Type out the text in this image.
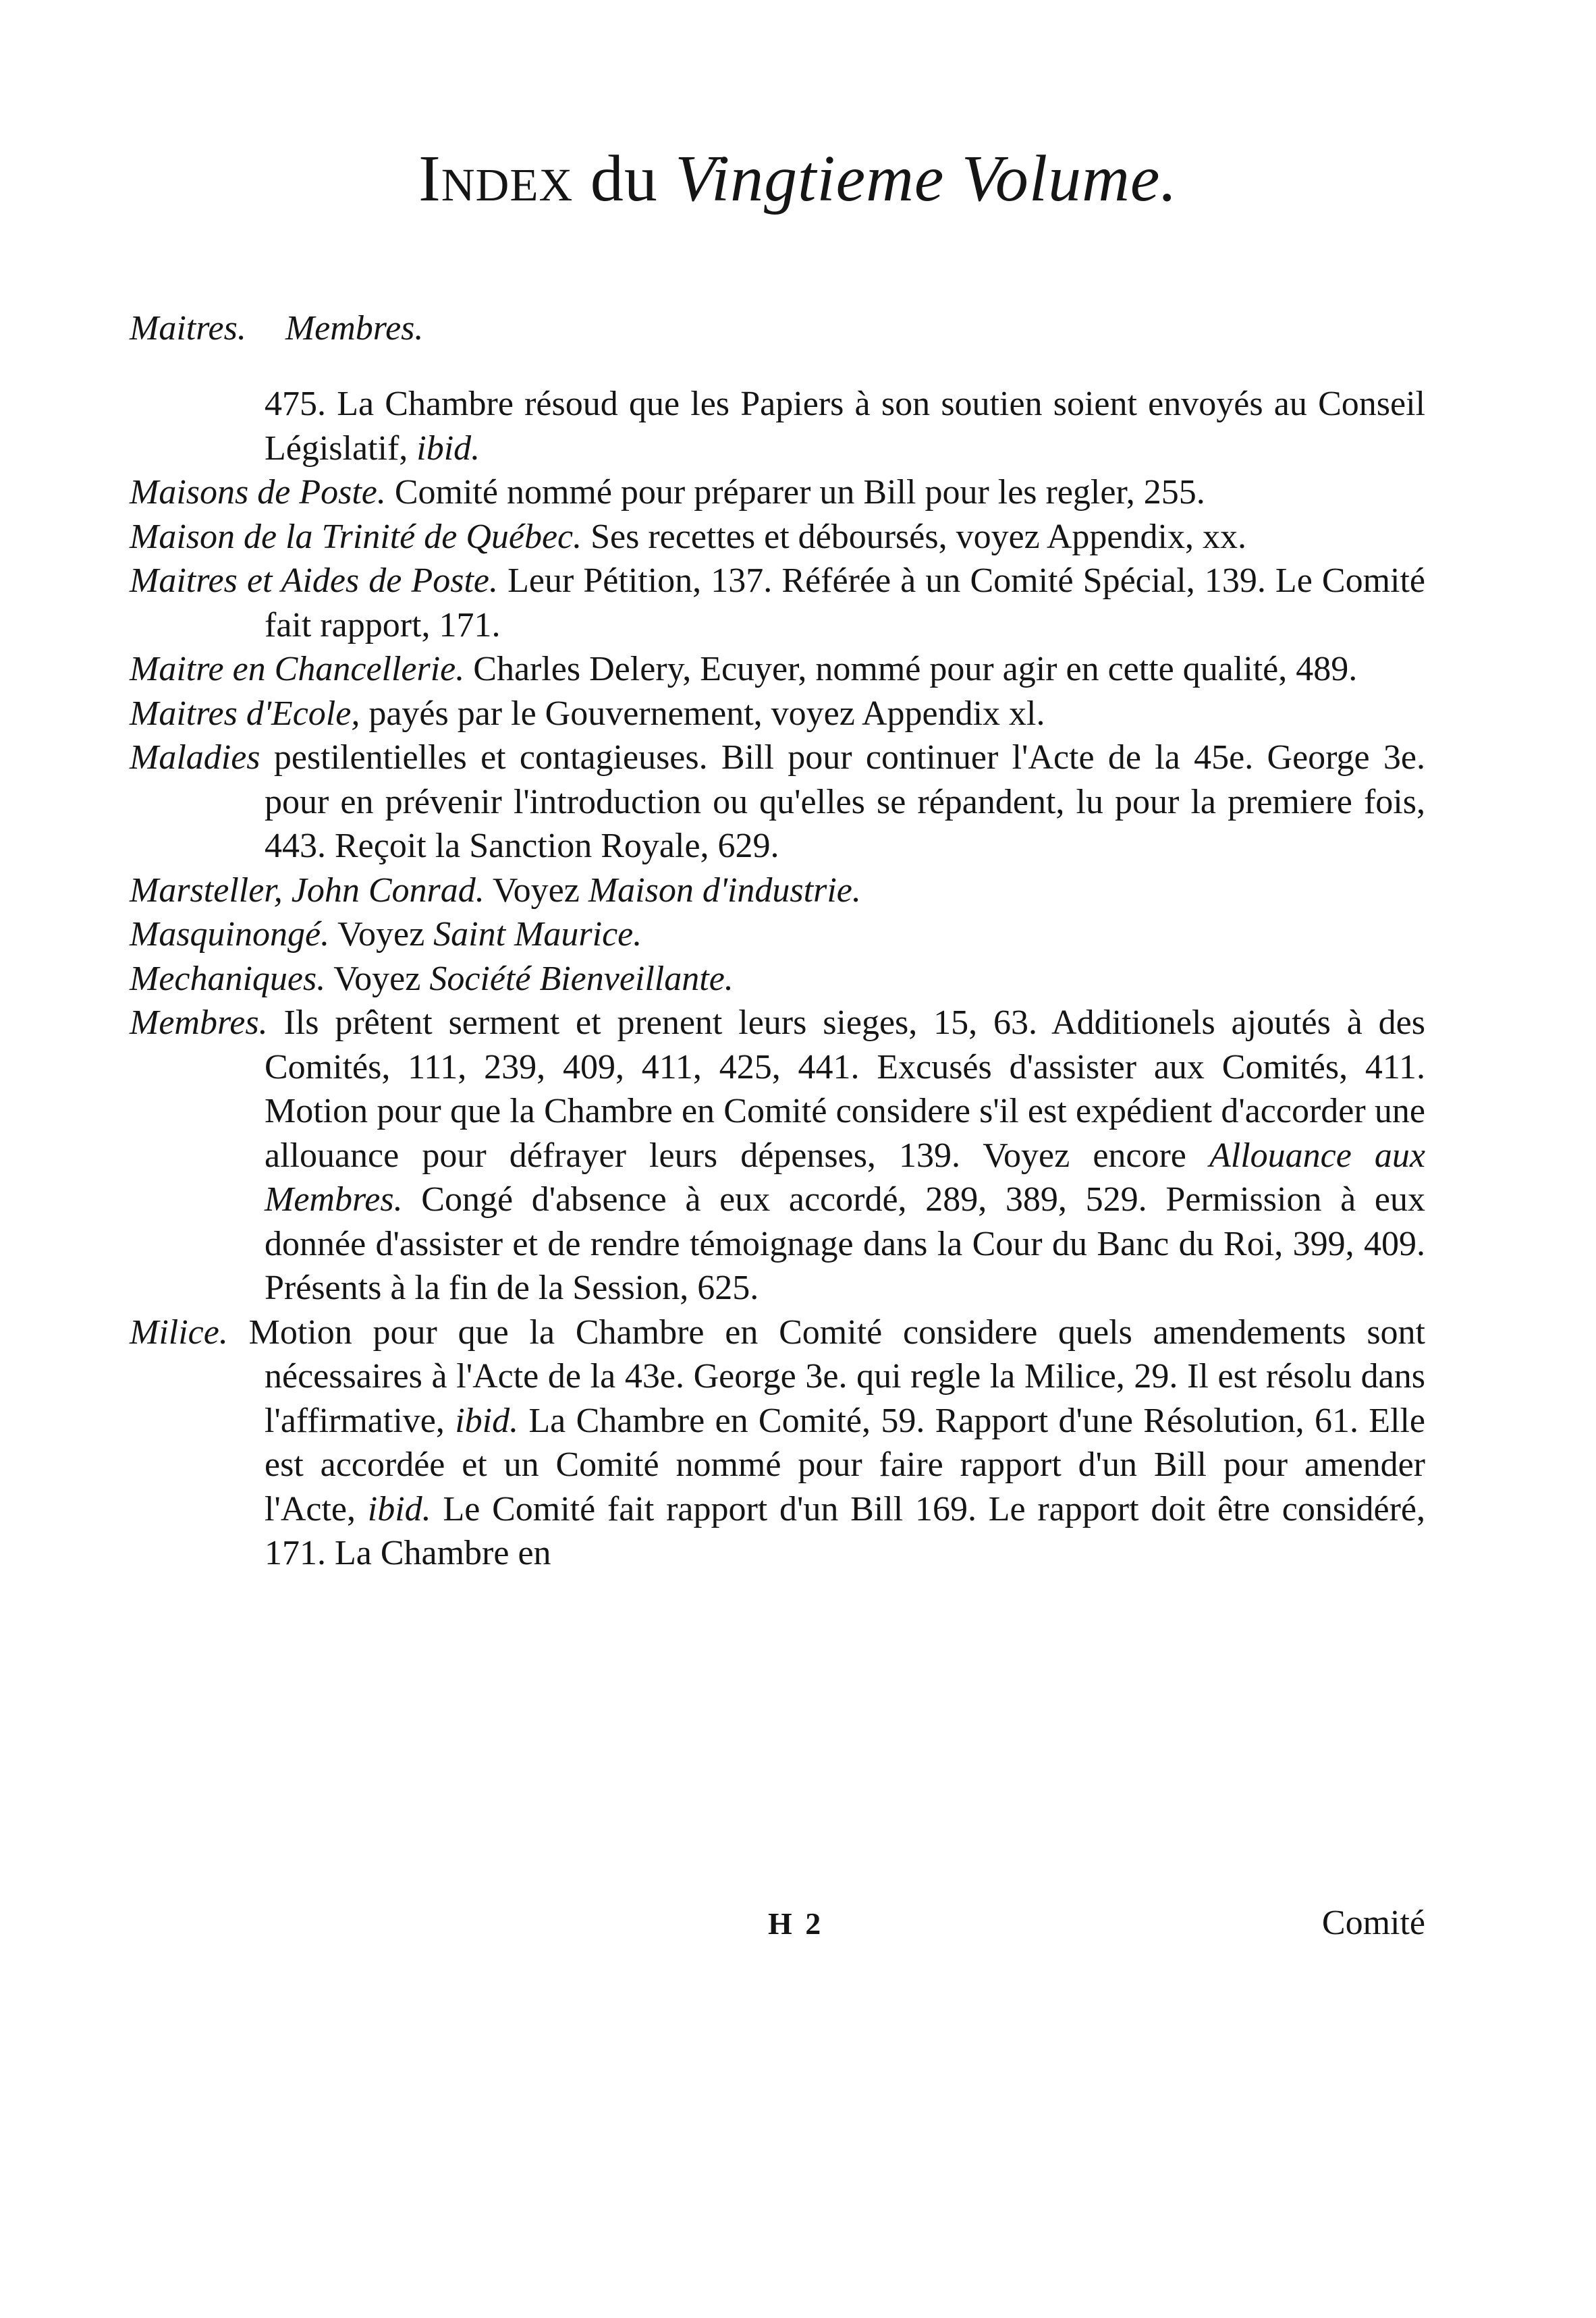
Index du Vingtieme Volume.
Maitres. Membres.
475. La Chambre résoud que les Papiers à son soutien soient envoyés au Conseil Législatif, ibid.
Maisons de Poste. Comité nommé pour préparer un Bill pour les regler, 255.
Maison de la Trinité de Québec. Ses recettes et déboursés, voyez Appendix, xx.
Maitres et Aides de Poste. Leur Pétition, 137. Référée à un Comité Spécial, 139. Le Comité fait rapport, 171.
Maitre en Chancellerie. Charles Delery, Ecuyer, nommé pour agir en cette qualité, 489.
Maitres d'Ecole, payés par le Gouvernement, voyez Appendix xl.
Maladies pestilentielles et contagieuses. Bill pour continuer l'Acte de la 45e. George 3e. pour en prévenir l'introduction ou qu'elles se répandent, lu pour la premiere fois, 443. Reçoit la Sanction Royale, 629.
Marsteller, John Conrad. Voyez Maison d'industrie.
Masquinongé. Voyez Saint Maurice.
Mechaniques. Voyez Société Bienveillante.
Membres. Ils prêtent serment et prenent leurs sieges, 15, 63. Additionels ajoutés à des Comités, 111, 239, 409, 411, 425, 441. Excusés d'assister aux Comités, 411. Motion pour que la Chambre en Comité considere s'il est expédient d'accorder une allouance pour défrayer leurs dépenses, 139. Voyez encore Allouance aux Membres. Congé d'absence à eux accordé, 289, 389, 529. Permission à eux donnée d'assister et de rendre témoignage dans la Cour du Banc du Roi, 399, 409. Présents à la fin de la Session, 625.
Milice. Motion pour que la Chambre en Comité considere quels amendements sont nécessaires à l'Acte de la 43e. George 3e. qui regle la Milice, 29. Il est résolu dans l'affirmative, ibid. La Chambre en Comité, 59. Rapport d'une Résolution, 61. Elle est accordée et un Comité nommé pour faire rapport d'un Bill pour amender l'Acte, ibid. Le Comité fait rapport d'un Bill 169. Le rapport doit être considéré, 171. La Chambre en
H 2	Comité
